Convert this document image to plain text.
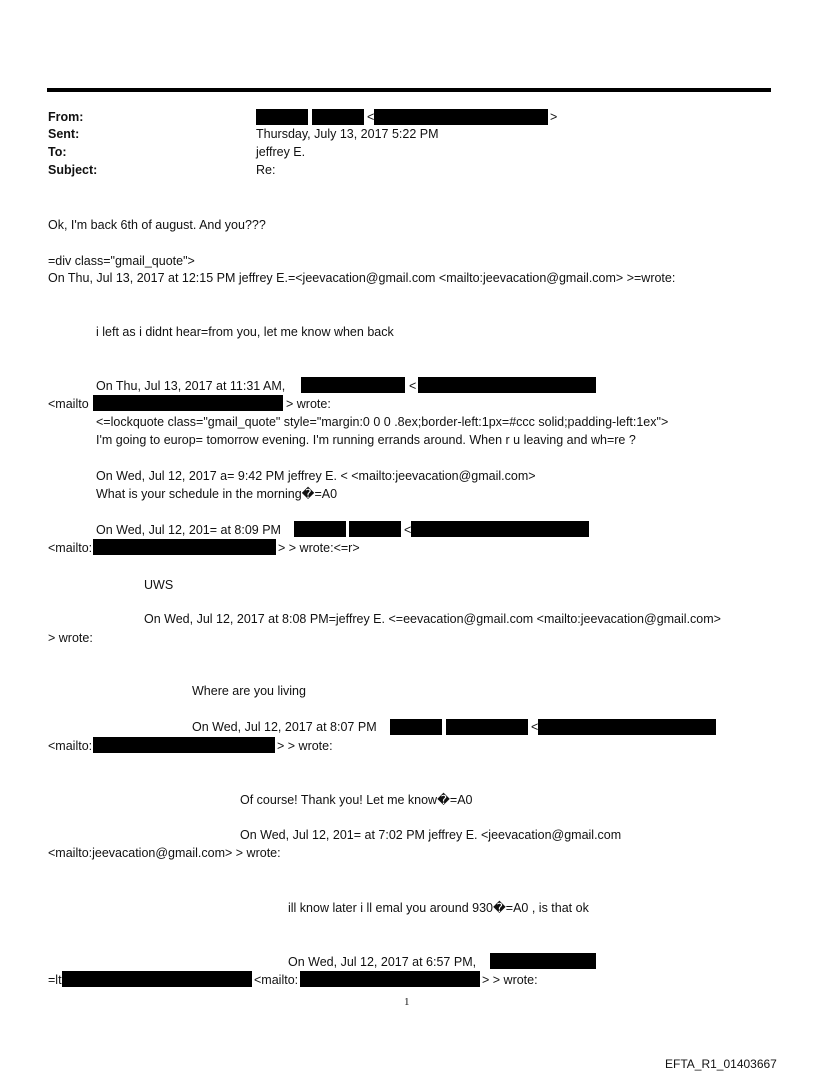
From:	<	>
Sent:	Thursday, July 13, 2017 5:22 PM
To:	jeffrey E.
Subject:	Re:
Ok, I'm back 6th of august. And you???
=div class="gmail_quote">
On Thu, Jul 13, 2017 at 12:15 PM jeffrey E.=<jeevacation@gmail.com <mailto:jeevacation@gmail.com> >=wrote:
i left as i didnt hear=from you, let me know when back
On Thu, Jul 13, 2017 at 11:31 AM,	<
<mailto	> wrote:
<=lockquote class="gmail_quote" style="margin:0 0 0 .8ex;border-left:1px=#ccc solid;padding-left:1ex">
I'm going to europ= tomorrow evening. I'm running errands around. When r u leaving and wh=re ?
On Wed, Jul 12, 2017 a= 9:42 PM jeffrey E. < <mailto:jeevacation@gmail.com>
What is your schedule in the morning�=A0
On Wed, Jul 12, 201= at 8:09 PM	<
<mailto:	> > wrote:<=r>
UWS
On Wed, Jul 12, 2017 at 8:08 PM=jeffrey E. <=eevacation@gmail.com <mailto:jeevacation@gmail.com>
> wrote:
Where are you living
On Wed, Jul 12, 2017 at 8:07 PM	<
<mailto:	> > wrote:
Of course! Thank you! Let me know�=A0
On Wed, Jul 12, 201= at 7:02 PM jeffrey E. <jeevacation@gmail.com
<mailto:jeevacation@gmail.com> > wrote:
ill know later i ll emal you around 930�=A0 , is that ok
On Wed, Jul 12, 2017 at 6:57 PM,
=lt	<mailto:	> > wrote:
1
EFTA_R1_01403667
